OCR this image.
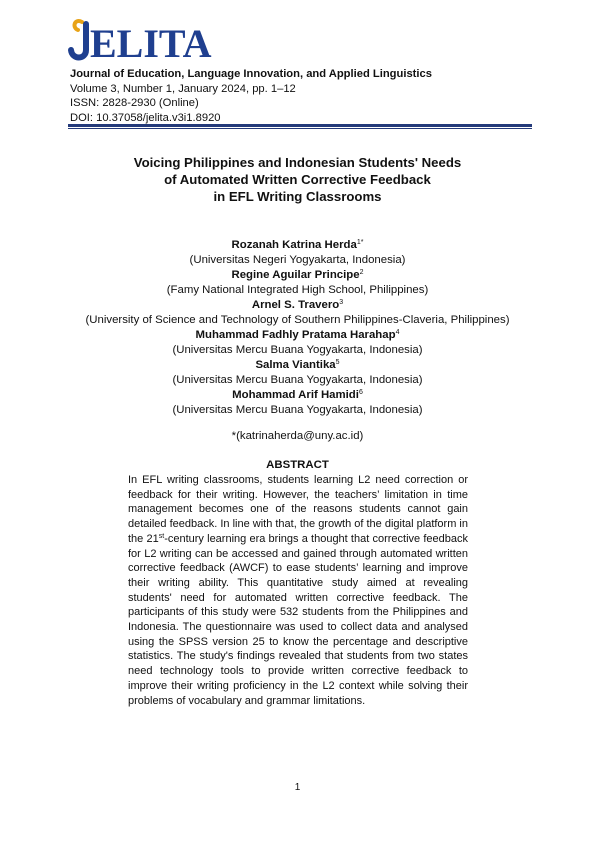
ELITA
Journal of Education, Language Innovation, and Applied Linguistics
Volume 3, Number 1, January 2024, pp. 1–12
ISSN: 2828-2930 (Online)
DOI: 10.37058/jelita.v3i1.8920
Voicing Philippines and Indonesian Students' Needs
of Automated Written Corrective Feedback
in EFL Writing Classrooms
Rozanah Katrina Herda$^{1*}$
(Universitas Negeri Yogyakarta, Indonesia)
Regine Aguilar Principe$^2$
(Famy National Integrated High School, Philippines)
Arnel S. Travero$^3$
(University of Science and Technology of Southern Philippines-Claveria, Philippines)
Muhammad Fadhly Pratama Harahap$^4$
(Universitas Mercu Buana Yogyakarta, Indonesia)
Salma Viantika$^5$
(Universitas Mercu Buana Yogyakarta, Indonesia)
Mohammad Arif Hamidi$^6$
(Universitas Mercu Buana Yogyakarta, Indonesia)
*(katrinaherda@uny.ac.id)
ABSTRACT

In EFL writing classrooms, students learning L2 need correction or feedback for their writing. However, the teachers’ limitation in time management becomes one of the reasons students cannot gain detailed feedback. In line with that, the growth of the digital platform in the 21st-century learning era brings a thought that corrective feedback for L2 writing can be accessed and gained through automated written corrective feedback (AWCF) to ease students’ learning and improve their writing ability. This quantitative study aimed at revealing students' need for automated written corrective feedback. The participants of this study were 532 students from the Philippines and Indonesia. The questionnaire was used to collect data and analysed using the SPSS version 25 to know the percentage and descriptive statistics. The study's findings revealed that students from two states need technology tools to provide written corrective feedback to improve their writing proficiency in the L2 context while solving their problems of vocabulary and grammar limitations.

1
